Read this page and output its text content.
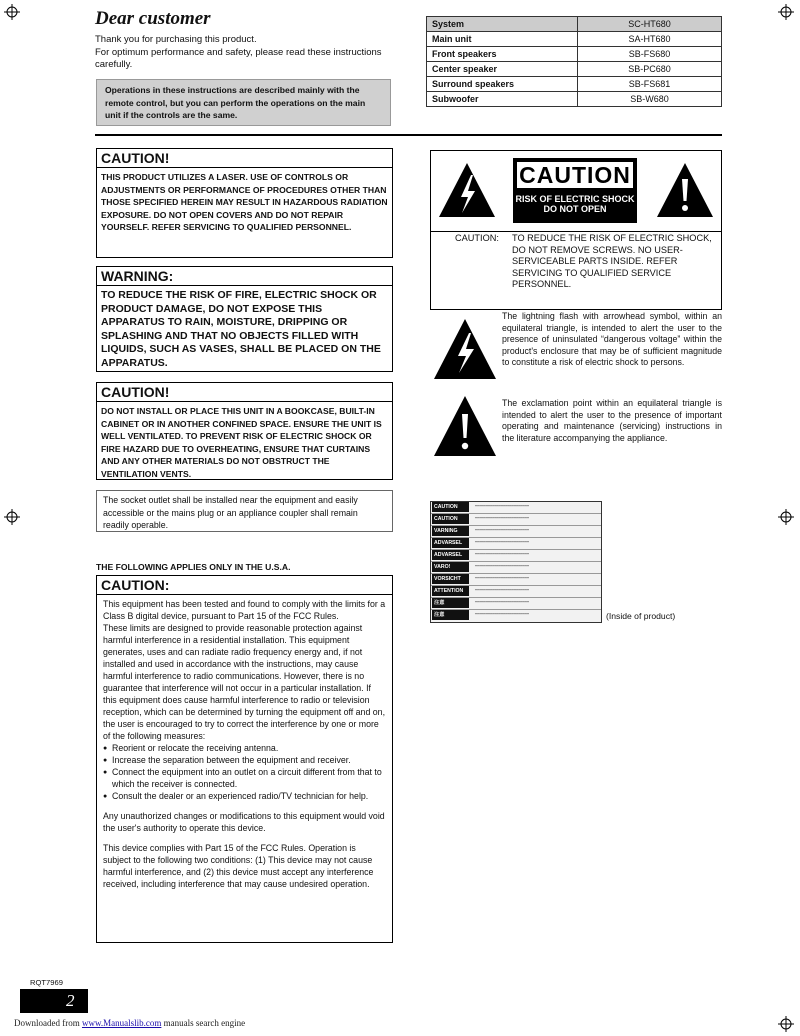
Dear customer
Thank you for purchasing this product.
For optimum performance and safety, please read these instructions carefully.
Operations in these instructions are described mainly with the remote control, but you can perform the operations on the main unit if the controls are the same.
System	SC-HT680
Main unit	SA-HT680
Front speakers	SB-FS680
Center speaker	SB-PC680
Surround speakers	SB-FS681
Subwoofer	SB-W680
CAUTION!
THIS PRODUCT UTILIZES A LASER. USE OF CONTROLS OR ADJUSTMENTS OR PERFORMANCE OF PROCEDURES OTHER THAN THOSE SPECIFIED HEREIN MAY RESULT IN HAZARDOUS RADIATION EXPOSURE. DO NOT OPEN COVERS AND DO NOT REPAIR YOURSELF. REFER SERVICING TO QUALIFIED PERSONNEL.
WARNING:
TO REDUCE THE RISK OF FIRE, ELECTRIC SHOCK OR PRODUCT DAMAGE, DO NOT EXPOSE THIS APPARATUS TO RAIN, MOISTURE, DRIPPING OR SPLASHING AND THAT NO OBJECTS FILLED WITH LIQUIDS, SUCH AS VASES, SHALL BE PLACED ON THE APPARATUS.
CAUTION!
DO NOT INSTALL OR PLACE THIS UNIT IN A BOOKCASE, BUILT-IN CABINET OR IN ANOTHER CONFINED SPACE. ENSURE THE UNIT IS WELL VENTILATED. TO PREVENT RISK OF ELECTRIC SHOCK OR FIRE HAZARD DUE TO OVERHEATING, ENSURE THAT CURTAINS AND ANY OTHER MATERIALS DO NOT OBSTRUCT THE VENTILATION VENTS.
The socket outlet shall be installed near the equipment and easily accessible or the mains plug or an appliance coupler shall remain readily operable.
THE FOLLOWING APPLIES ONLY IN THE U.S.A.
CAUTION:

This equipment has been tested and found to comply with the limits for a Class B digital device, pursuant to Part 15 of the FCC Rules.

These limits are designed to provide reasonable protection against harmful interference in a residential installation. This equipment generates, uses and can radiate radio frequency energy and, if not installed and used in accordance with the instructions, may cause harmful interference to radio communications. However, there is no guarantee that interference will not occur in a particular installation. If this equipment does cause harmful interference to radio or television reception, which can be determined by turning the equipment off and on, the user is encouraged to try to correct the interference by one or more of the following measures:

● Reorient or relocate the receiving antenna.
● Increase the separation between the equipment and receiver.
● Connect the equipment into an outlet on a circuit different from that to which the receiver is connected.
● Consult the dealer or an experienced radio/TV technician for help.

Any unauthorized changes or modifications to this equipment would void the user's authority to operate this device.

This device complies with Part 15 of the FCC Rules. Operation is subject to the following two conditions: (1) This device may not cause harmful interference, and (2) this device must accept any interference received, including interference that may cause undesired operation.

CAUTION
RISK OF ELECTRIC SHOCK
DO NOT OPEN
CAUTION: TO REDUCE THE RISK OF ELECTRIC SHOCK, DO NOT REMOVE SCREWS. NO USER-SERVICEABLE PARTS INSIDE. REFER SERVICING TO QUALIFIED SERVICE PERSONNEL.
The lightning flash with arrowhead symbol, within an equilateral triangle, is intended to alert the user to the presence of uninsulated “dangerous voltage” within the product's enclosure that may be of sufficient magnitude to constitute a risk of electric shock to persons.
The exclamation point within an equilateral triangle is intended to alert the user to the presence of important operating and maintenance (servicing) instructions in the literature accompanying the appliance.
CAUTION	━━━━━━━━━━━━━━━━━━━━━━━━━
CAUTION	━━━━━━━━━━━━━━━━━━━━━━━━━
VARNING	━━━━━━━━━━━━━━━━━━━━━━━━━
ADVARSEL	━━━━━━━━━━━━━━━━━━━━━━━━━
ADVARSEL	━━━━━━━━━━━━━━━━━━━━━━━━━
VARO!	━━━━━━━━━━━━━━━━━━━━━━━━━
VORSICHT	━━━━━━━━━━━━━━━━━━━━━━━━━
ATTENTION	━━━━━━━━━━━━━━━━━━━━━━━━━
注意	━━━━━━━━━━━━━━━━━━━━━━━━━
注意	━━━━━━━━━━━━━━━━━━━━━━━━━	(Inside of product)
RQT7969
2
Downloaded from www.Manualslib.com manuals search engine
